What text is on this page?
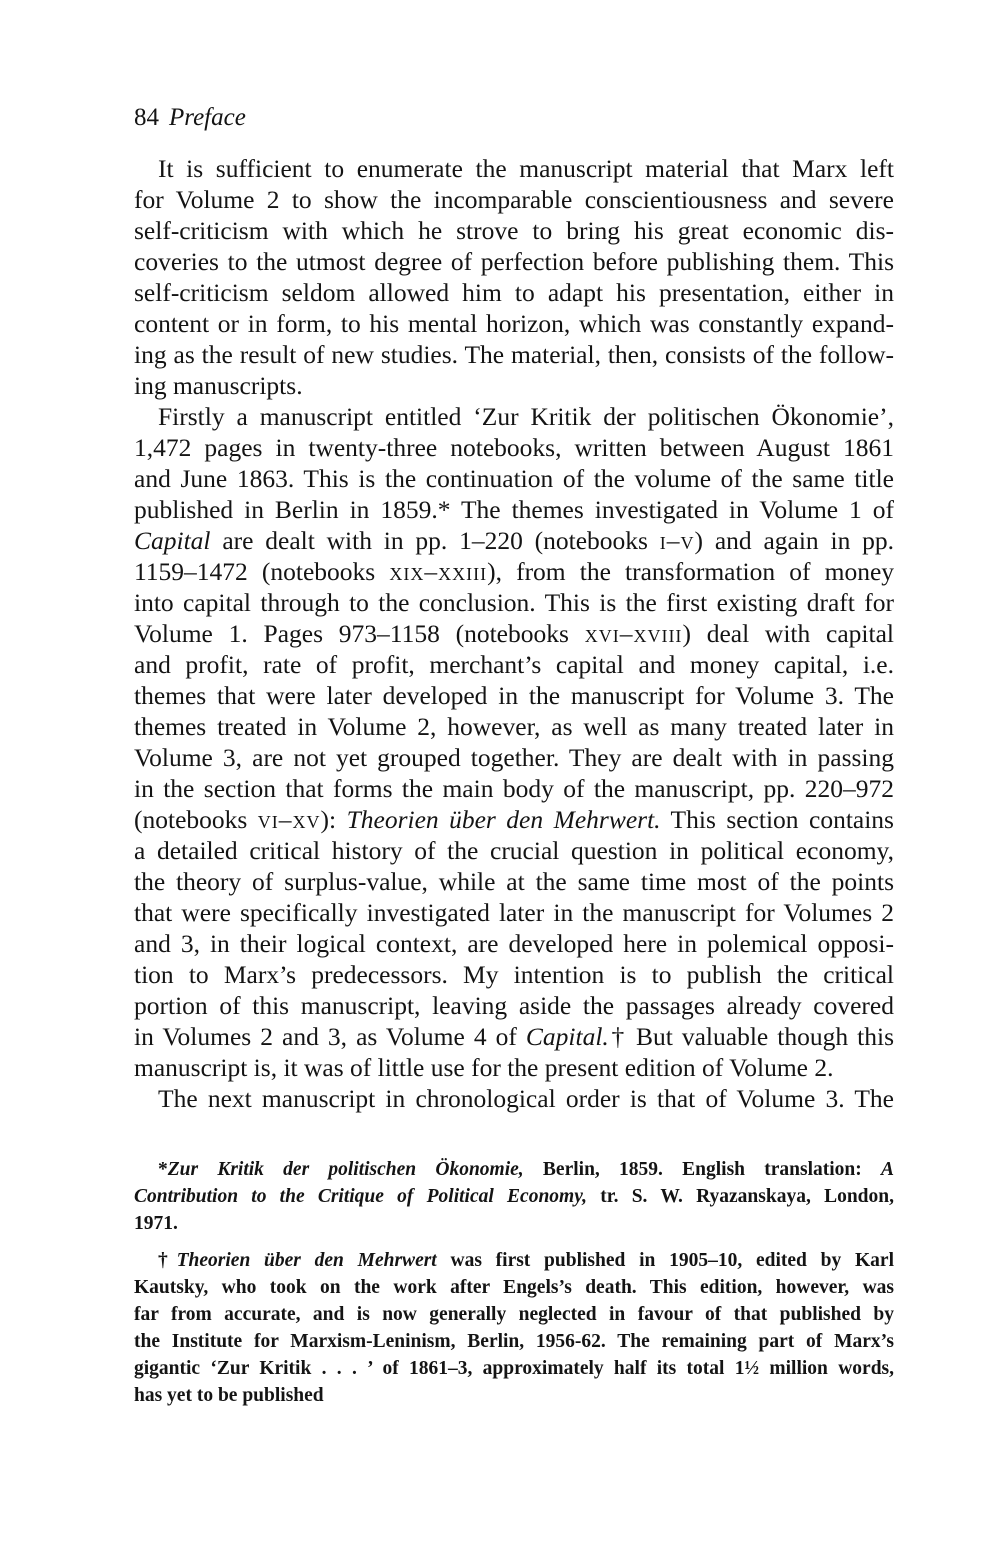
84 Preface
It is sufficient to enumerate the manuscript material that Marx left
for Volume 2 to show the incomparable conscientiousness and severe
self-criticism with which he strove to bring his great economic dis-
coveries to the utmost degree of perfection before publishing them. This
self-criticism seldom allowed him to adapt his presentation, either in
content or in form, to his mental horizon, which was constantly expand-
ing as the result of new studies. The material, then, consists of the follow-
ing manuscripts.
Firstly a manuscript entitled ‘Zur Kritik der politischen Ökonomie’,
1,472 pages in twenty-three notebooks, written between August 1861
and June 1863. This is the continuation of the volume of the same title
published in Berlin in 1859.* The themes investigated in Volume 1 of
Capital are dealt with in pp. 1–220 (notebooks i–v) and again in pp.
1159–1472 (notebooks xix–xxiii), from the transformation of money
into capital through to the conclusion. This is the first existing draft for
Volume 1. Pages 973–1158 (notebooks xvi–xviii) deal with capital
and profit, rate of profit, merchant’s capital and money capital, i.e.
themes that were later developed in the manuscript for Volume 3. The
themes treated in Volume 2, however, as well as many treated later in
Volume 3, are not yet grouped together. They are dealt with in passing
in the section that forms the main body of the manuscript, pp. 220–972
(notebooks vi–xv): Theorien über den Mehrwert. This section contains
a detailed critical history of the crucial question in political economy,
the theory of surplus-value, while at the same time most of the points
that were specifically investigated later in the manuscript for Volumes 2
and 3, in their logical context, are developed here in polemical opposi-
tion to Marx’s predecessors. My intention is to publish the critical
portion of this manuscript, leaving aside the passages already covered
in Volumes 2 and 3, as Volume 4 of Capital.† But valuable though this
manuscript is, it was of little use for the present edition of Volume 2.
The next manuscript in chronological order is that of Volume 3. The
*Zur Kritik der politischen Ökonomie, Berlin, 1859. English translation: A
Contribution to the Critique of Political Economy, tr. S. W. Ryazanskaya, London,
1971.
†Theorien über den Mehrwert was first published in 1905–10, edited by Karl
Kautsky, who took on the work after Engels’s death. This edition, however, was
far from accurate, and is now generally neglected in favour of that published by
the Institute for Marxism-Leninism, Berlin, 1956-62. The remaining part of Marx’s
gigantic ‘Zur Kritik . . . ’ of 1861–3, approximately half its total 1½ million words,
has yet to be published
